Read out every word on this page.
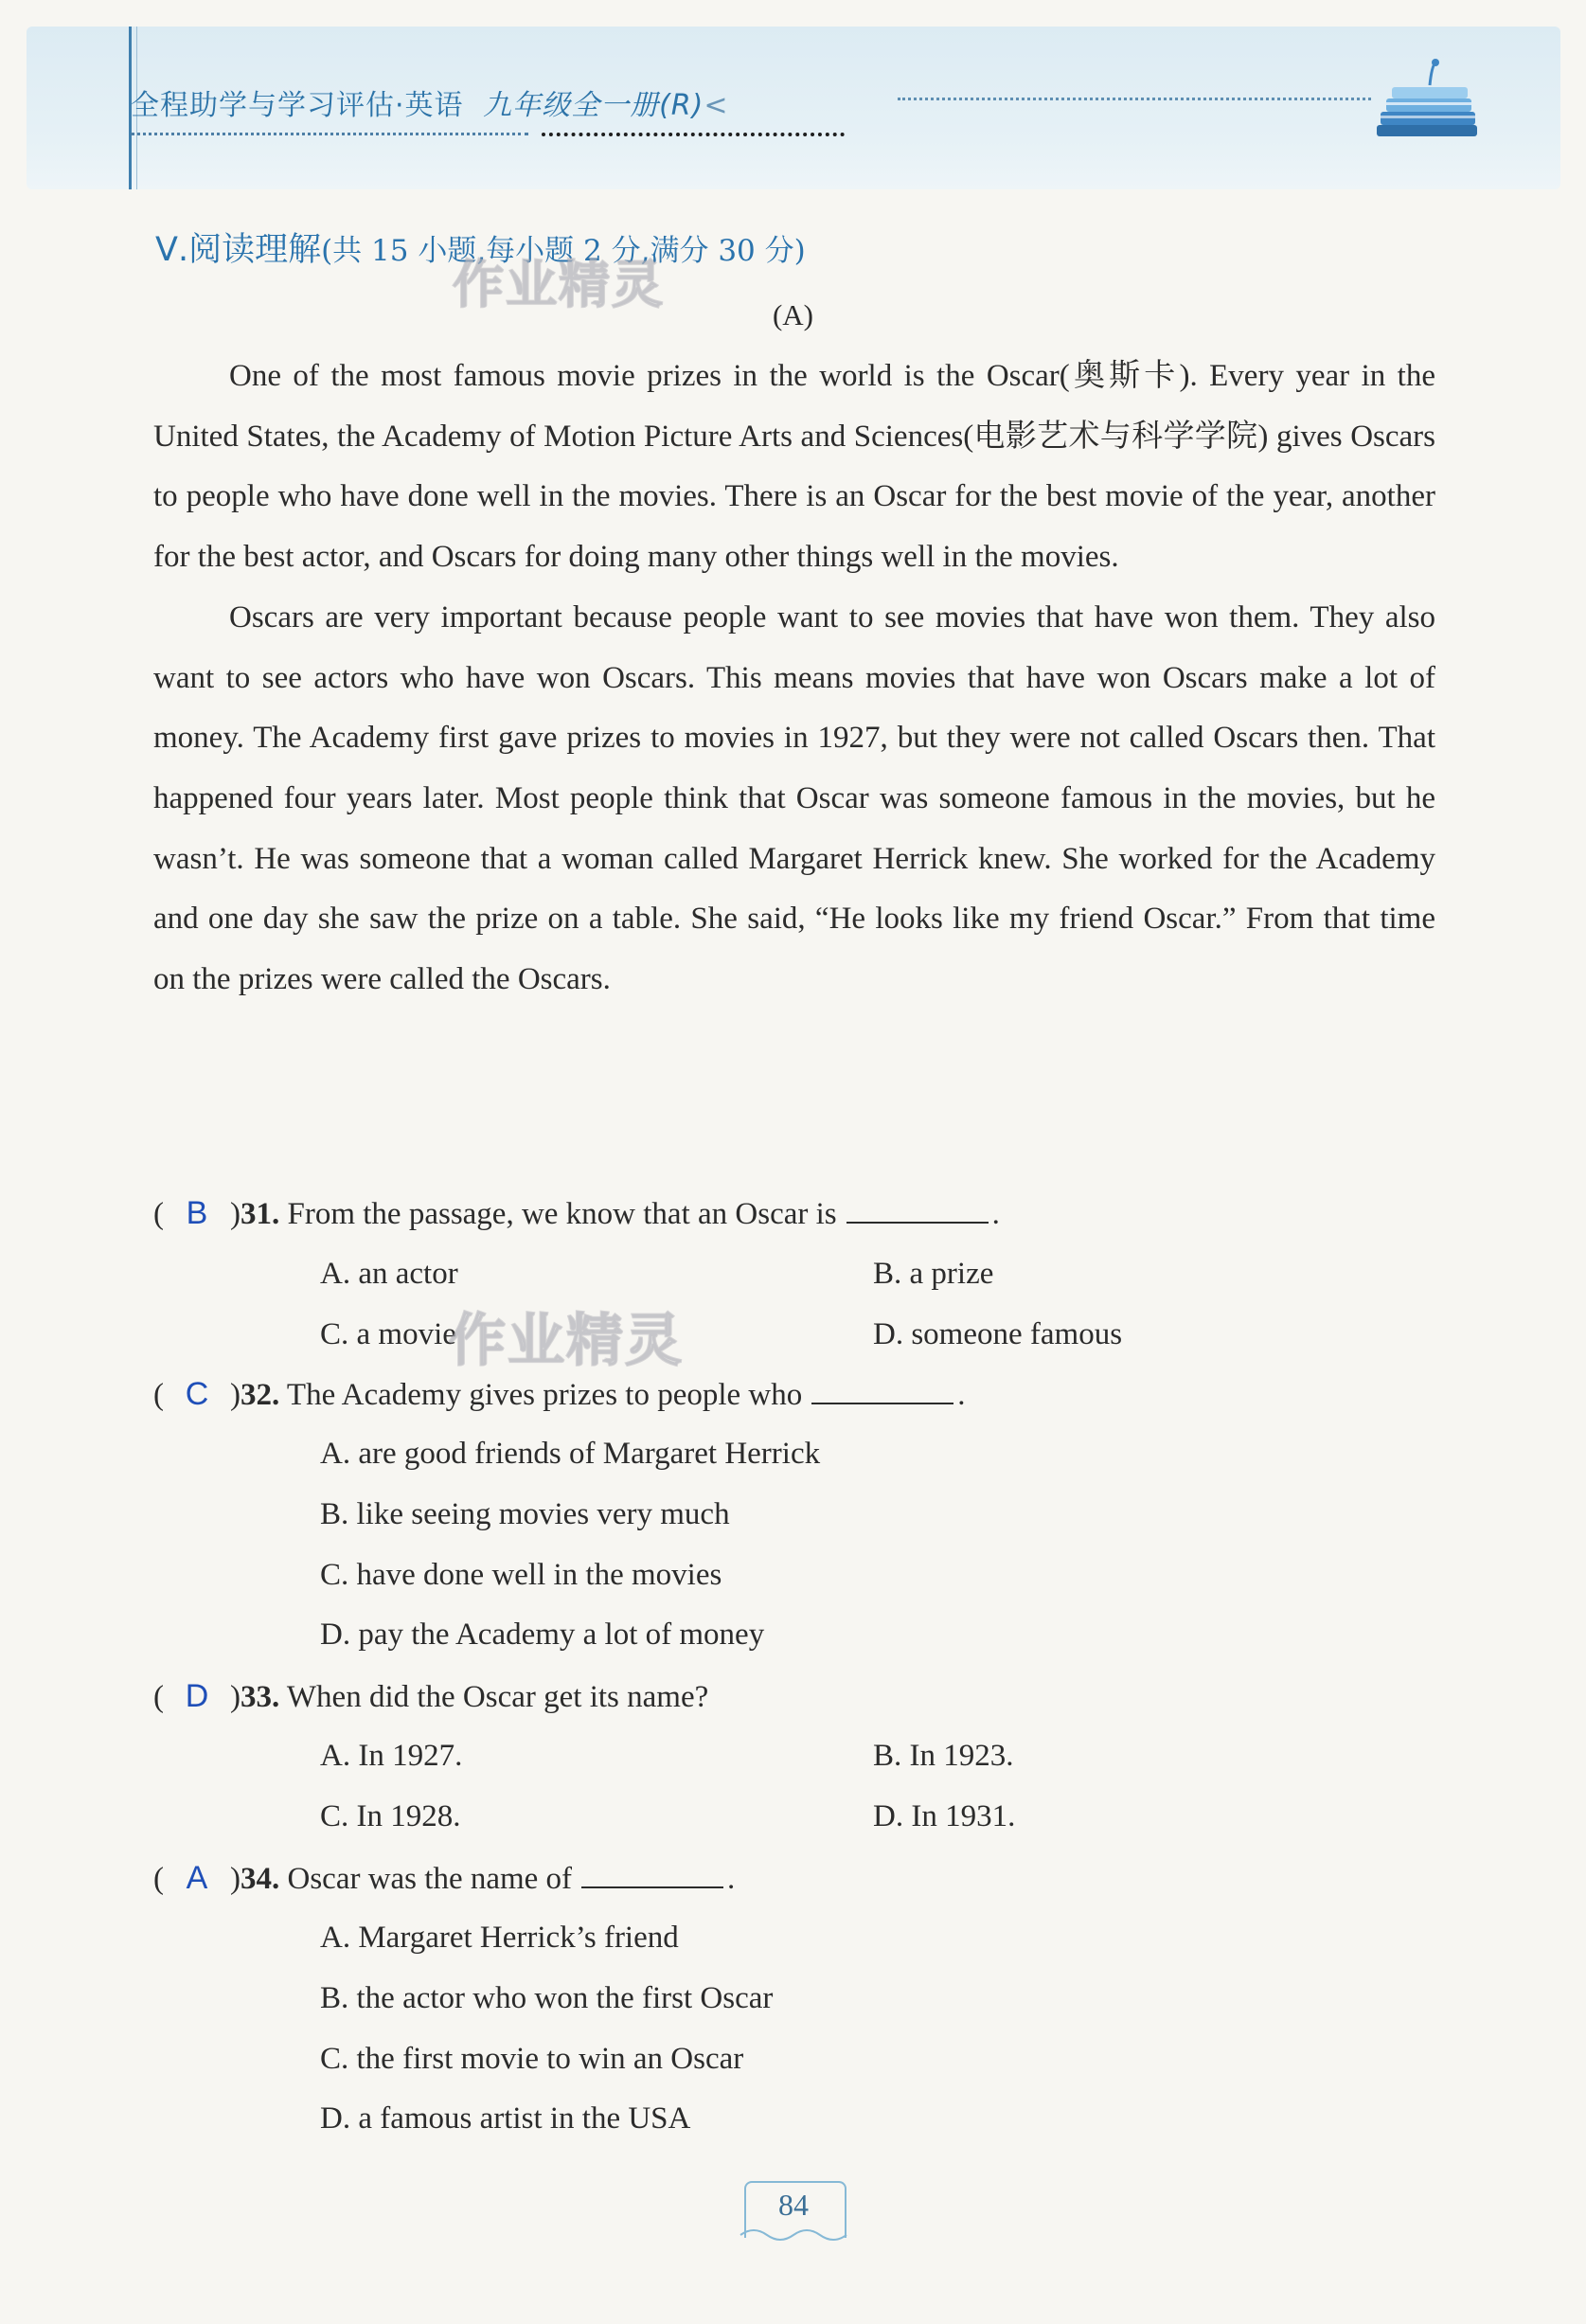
全程助学与学习评估·英语 九年级全一册(R)<
Ⅴ.阅读理解(共 15 小题,每小题 2 分,满分 30 分)
作业精灵
(A)

One of the most famous movie prizes in the world is the Oscar(奥斯卡). Every year in the United States, the Academy of Motion Picture Arts and Sciences(电影艺术与科学学院) gives Oscars to people who have done well in the movies. There is an Oscar for the best movie of the year, another for the best actor, and Oscars for doing many other things well in the movies.

Oscars are very important because people want to see movies that have won them. They also want to see actors who have won Oscars. This means movies that have won Oscars make a lot of money. The Academy first gave prizes to movies in 1927, but they were not called Oscars then. That happened four years later. Most people think that Oscar was someone famous in the movies, but he wasn’t. He was someone that a woman called Margaret Herrick knew. She worked for the Academy and one day she saw the prize on a table. She said, “He looks like my friend Oscar.” From that time on the prizes were called the Oscars.

( B )31. From the passage, we know that an Oscar is	.
A. an actor	B. a prize
C. a movie	D. someone famous
作业精灵
( C )32. The Academy gives prizes to people who	.
A. are good friends of Margaret Herrick
B. like seeing movies very much
C. have done well in the movies
D. pay the Academy a lot of money
( D )33. When did the Oscar get its name?
A. In 1927.	B. In 1923.
C. In 1928.	D. In 1931.
( A )34. Oscar was the name of	.
A. Margaret Herrick’s friend
B. the actor who won the first Oscar
C. the first movie to win an Oscar
D. a famous artist in the USA
84
